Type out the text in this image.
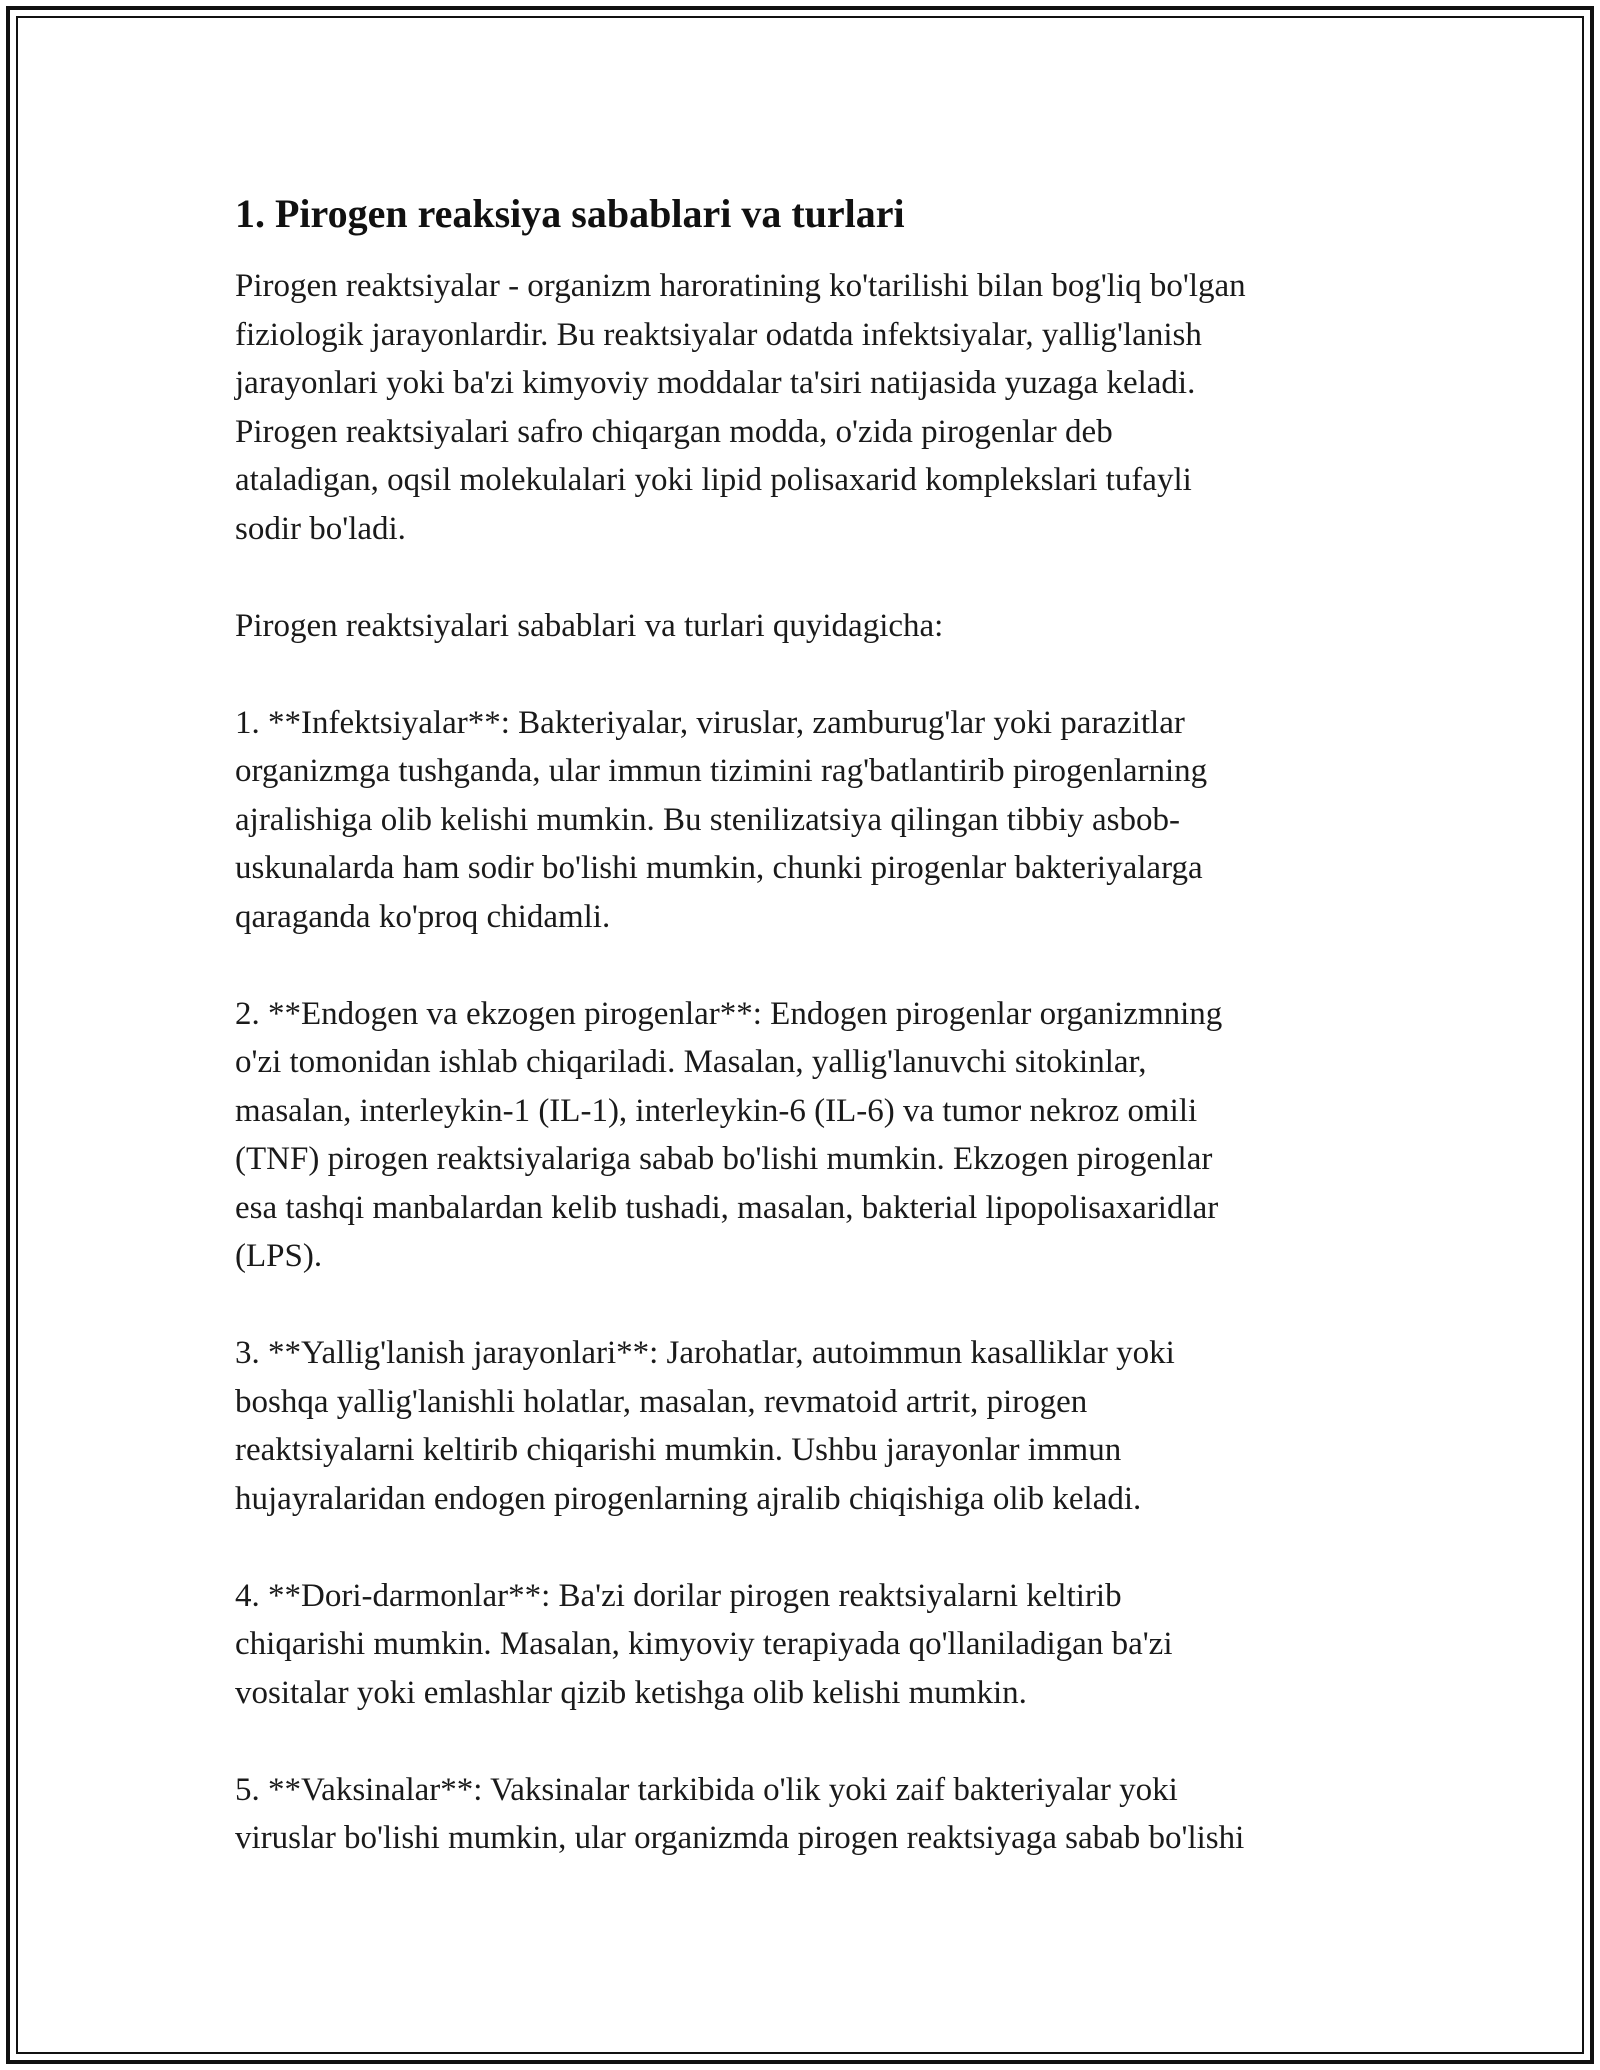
1. Pirogen reaksiya sabablari va turlari
Pirogen reaktsiyalar - organizm haroratining ko'tarilishi bilan bog'liq bo'lgan
fiziologik jarayonlardir. Bu reaktsiyalar odatda infektsiyalar, yallig'lanish
jarayonlari yoki ba'zi kimyoviy moddalar ta'siri natijasida yuzaga keladi.
Pirogen reaktsiyalari safro chiqargan modda, o'zida pirogenlar deb
ataladigan, oqsil molekulalari yoki lipid polisaxarid komplekslari tufayli
sodir bo'ladi.
Pirogen reaktsiyalari sabablari va turlari quyidagicha:
1. **Infektsiyalar**: Bakteriyalar, viruslar, zamburug'lar yoki parazitlar
organizmga tushganda, ular immun tizimini rag'batlantirib pirogenlarning
ajralishiga olib kelishi mumkin. Bu stenilizatsiya qilingan tibbiy asbob-
uskunalarda ham sodir bo'lishi mumkin, chunki pirogenlar bakteriyalarga
qaraganda ko'proq chidamli.
2. **Endogen va ekzogen pirogenlar**: Endogen pirogenlar organizmning
o'zi tomonidan ishlab chiqariladi. Masalan, yallig'lanuvchi sitokinlar,
masalan, interleykin-1 (IL-1), interleykin-6 (IL-6) va tumor nekroz omili
(TNF) pirogen reaktsiyalariga sabab bo'lishi mumkin. Ekzogen pirogenlar
esa tashqi manbalardan kelib tushadi, masalan, bakterial lipopolisaxaridlar
(LPS).
3. **Yallig'lanish jarayonlari**: Jarohatlar, autoimmun kasalliklar yoki
boshqa yallig'lanishli holatlar, masalan, revmatoid artrit, pirogen
reaktsiyalarni keltirib chiqarishi mumkin. Ushbu jarayonlar immun
hujayralaridan endogen pirogenlarning ajralib chiqishiga olib keladi.
4. **Dori-darmonlar**: Ba'zi dorilar pirogen reaktsiyalarni keltirib
chiqarishi mumkin. Masalan, kimyoviy terapiyada qo'llaniladigan ba'zi
vositalar yoki emlashlar qizib ketishga olib kelishi mumkin.
5. **Vaksinalar**: Vaksinalar tarkibida o'lik yoki zaif bakteriyalar yoki
viruslar bo'lishi mumkin, ular organizmda pirogen reaktsiyaga sabab bo'lishi
